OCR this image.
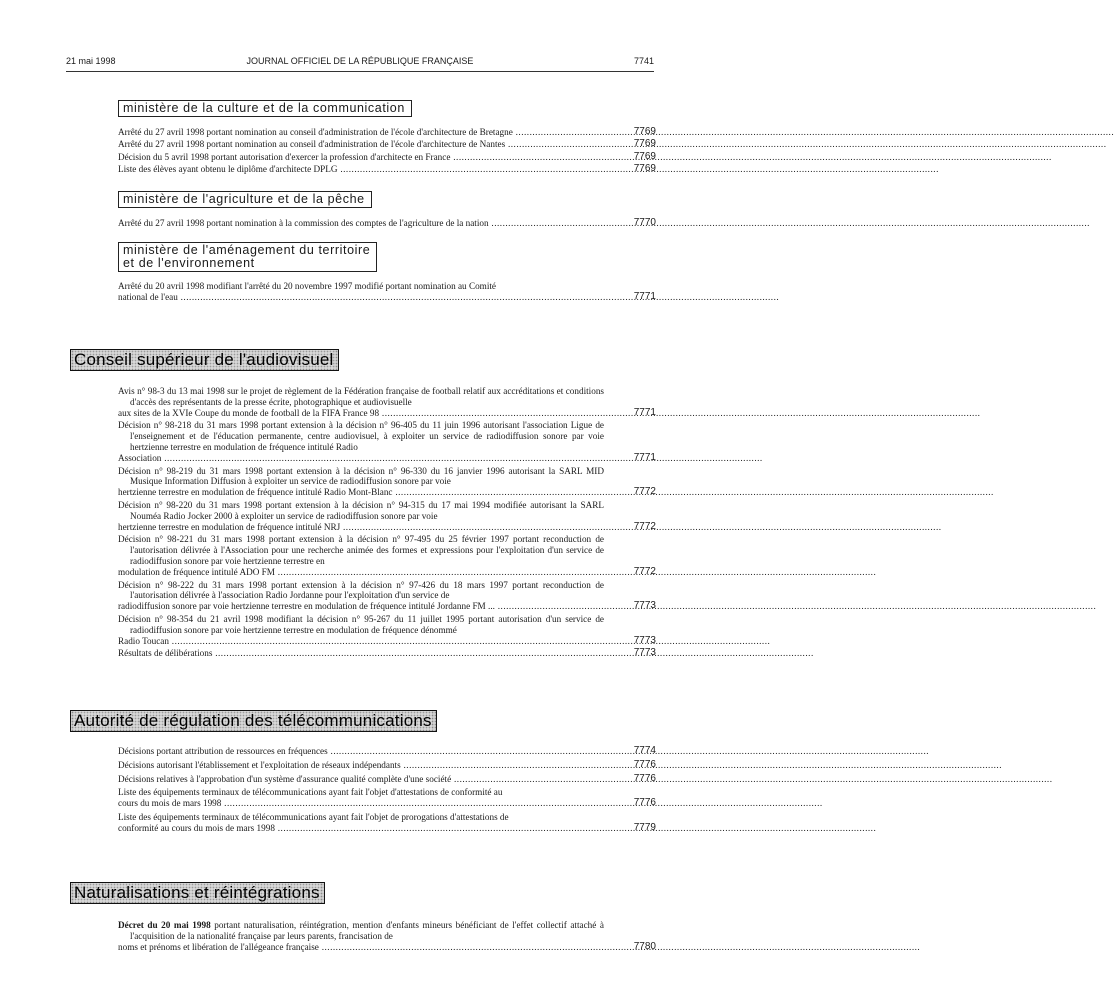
21 mai 1998	JOURNAL OFFICIEL DE LA RÉPUBLIQUE FRANÇAISE	7741
ministère de la culture et de la communication
Arrêté du 27 avril 1998 portant nomination au conseil d'administration de l'école d'architecture de Bretagne .....	7769
Arrêté du 27 avril 1998 portant nomination au conseil d'administration de l'école d'architecture de Nantes .....	7769
Décision du 5 avril 1998 portant autorisation d'exercer la profession d'architecte en France .....	7769
Liste des élèves ayant obtenu le diplôme d'architecte DPLG .....	7769
ministère de l'agriculture et de la pêche
Arrêté du 27 avril 1998 portant nomination à la commission des comptes de l'agriculture de la nation .....	7770
ministère de l'aménagement du territoire
et de l'environnement
Arrêté du 20 avril 1998 modifiant l'arrêté du 20 novembre 1997 modifié portant nomination au Comité
national de l'eau .....	7771
Conseil supérieur de l'audiovisuel
Avis n° 98-3 du 13 mai 1998 sur le projet de règlement de la Fédération française de football relatif aux accréditations et conditions d'accès des représentants de la presse écrite, photographique et audiovisuelle
aux sites de la XVIe Coupe du monde de football de la FIFA France 98 .....	7771
Décision n° 98-218 du 31 mars 1998 portant extension à la décision n° 96-405 du 11 juin 1996 autorisant l'association Ligue de l'enseignement et de l'éducation permanente, centre audiovisuel, à exploiter un service de radiodiffusion sonore par voie hertzienne terrestre en modulation de fréquence intitulé Radio
Association .....	7771
Décision n° 98-219 du 31 mars 1998 portant extension à la décision n° 96-330 du 16 janvier 1996 autorisant la SARL MID Musique Information Diffusion à exploiter un service de radiodiffusion sonore par voie
hertzienne terrestre en modulation de fréquence intitulé Radio Mont-Blanc .....	7772
Décision n° 98-220 du 31 mars 1998 portant extension à la décision n° 94-315 du 17 mai 1994 modifiée autorisant la SARL Nouméa Radio Jocker 2000 à exploiter un service de radiodiffusion sonore par voie
hertzienne terrestre en modulation de fréquence intitulé NRJ .....	7772
Décision n° 98-221 du 31 mars 1998 portant extension à la décision n° 97-495 du 25 février 1997 portant reconduction de l'autorisation délivrée à l'Association pour une recherche animée des formes et expressions pour l'exploitation d'un service de radiodiffusion sonore par voie hertzienne terrestre en
modulation de fréquence intitulé ADO FM .....	7772
Décision n° 98-222 du 31 mars 1998 portant extension à la décision n° 97-426 du 18 mars 1997 portant reconduction de l'autorisation délivrée à l'association Radio Jordanne pour l'exploitation d'un service de
radiodiffusion sonore par voie hertzienne terrestre en modulation de fréquence intitulé Jordanne FM ... .....	7773
Décision n° 98-354 du 21 avril 1998 modifiant la décision n° 95-267 du 11 juillet 1995 portant autorisation d'un service de radiodiffusion sonore par voie hertzienne terrestre en modulation de fréquence dénommé
Radio Toucan .....	7773
Résultats de délibérations .....	7773
Autorité de régulation des télécommunications
Décisions portant attribution de ressources en fréquences .....	7774
Décisions autorisant l'établissement et l'exploitation de réseaux indépendants .....	7776
Décisions relatives à l'approbation d'un système d'assurance qualité complète d'une société .....	7776
Liste des équipements terminaux de télécommunications ayant fait l'objet d'attestations de conformité au
cours du mois de mars 1998 .....	7776
Liste des équipements terminaux de télécommunications ayant fait l'objet de prorogations d'attestations de
conformité au cours du mois de mars 1998 .....	7779
Naturalisations et réintégrations
Décret du 20 mai 1998 portant naturalisation, réintégration, mention d'enfants mineurs bénéficiant de l'effet collectif attaché à l'acquisition de la nationalité française par leurs parents, francisation de
noms et prénoms et libération de l'allégeance française .....	7780
